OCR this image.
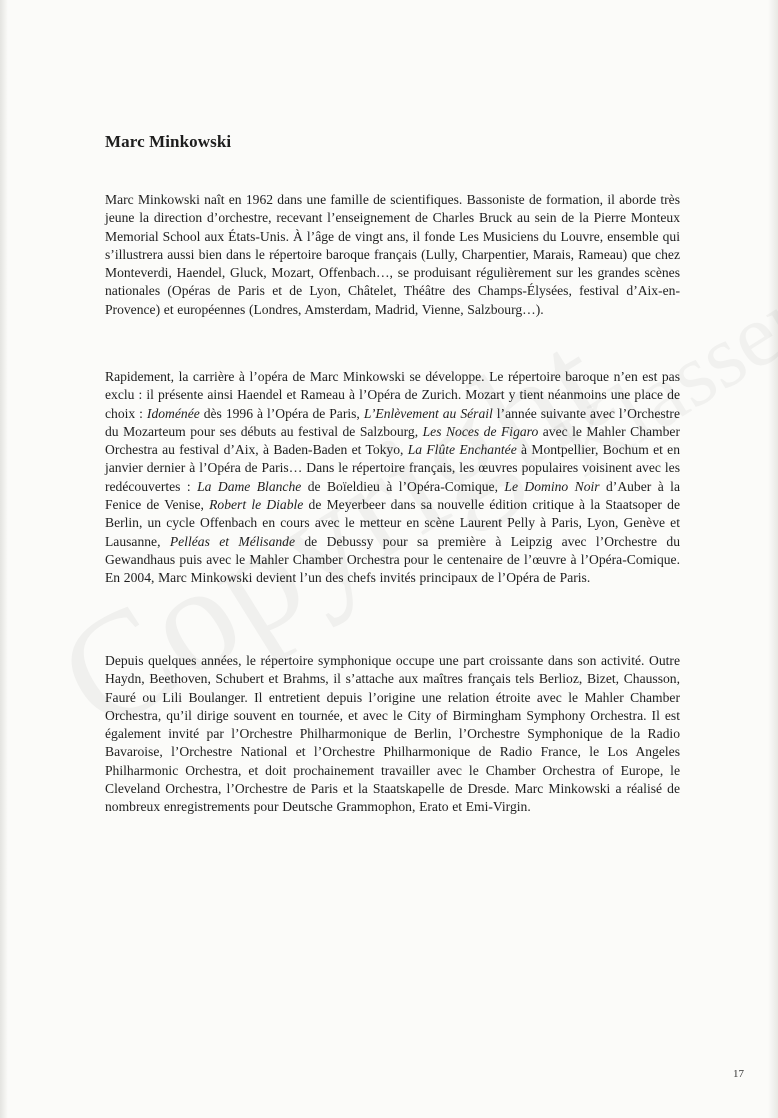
Marc Minkowski

Marc Minkowski naît en 1962 dans une famille de scientifiques. Bassoniste de formation, il aborde très jeune la direction d’orchestre, recevant l’enseignement de Charles Bruck au sein de la Pierre Monteux Memorial School aux États-Unis. À l’âge de vingt ans, il fonde Les Musiciens du Louvre, ensemble qui s’illustrera aussi bien dans le répertoire baroque français (Lully, Charpentier, Marais, Rameau) que chez Monteverdi, Haendel, Gluck, Mozart, Offenbach…, se produisant régulièrement sur les grandes scènes nationales (Opéras de Paris et de Lyon, Châtelet, Théâtre des Champs-Élysées, festival d’Aix-en-Provence) et européennes (Londres, Amsterdam, Madrid, Vienne, Salzbourg…).

Rapidement, la carrière à l’opéra de Marc Minkowski se développe. Le répertoire baroque n’en est pas exclu : il présente ainsi Haendel et Rameau à l’Opéra de Zurich. Mozart y tient néanmoins une place de choix : Idoménée dès 1996 à l’Opéra de Paris, L’Enlèvement au Sérail l’année suivante avec l’Orchestre du Mozarteum pour ses débuts au festival de Salzbourg, Les Noces de Figaro avec le Mahler Chamber Orchestra au festival d’Aix, à Baden-Baden et Tokyo, La Flûte Enchantée à Montpellier, Bochum et en janvier dernier à l’Opéra de Paris… Dans le répertoire français, les œuvres populaires voisinent avec les redécouvertes : La Dame Blanche de Boïeldieu à l’Opéra-Comique, Le Domino Noir d’Auber à la Fenice de Venise, Robert le Diable de Meyerbeer dans sa nouvelle édition critique à la Staatsoper de Berlin, un cycle Offenbach en cours avec le metteur en scène Laurent Pelly à Paris, Lyon, Genève et Lausanne, Pelléas et Mélisande de Debussy pour sa première à Leipzig avec l’Orchestre du Gewandhaus puis avec le Mahler Chamber Orchestra pour le centenaire de l’œuvre à l’Opéra-Comique. En 2004, Marc Minkowski devient l’un des chefs invités principaux de l’Opéra de Paris.

Depuis quelques années, le répertoire symphonique occupe une part croissante dans son activité. Outre Haydn, Beethoven, Schubert et Brahms, il s’attache aux maîtres français tels Berlioz, Bizet, Chausson, Fauré ou Lili Boulanger. Il entretient depuis l’origine une relation étroite avec le Mahler Chamber Orchestra, qu’il dirige souvent en tournée, et avec le City of Birmingham Symphony Orchestra. Il est également invité par l’Orchestre Philharmonique de Berlin, l’Orchestre Symphonique de la Radio Bavaroise, l’Orchestre National et l’Orchestre Philharmonique de Radio France, le Los Angeles Philharmonic Orchestra, et doit prochainement travailler avec le Chamber Orchestra of Europe, le Cleveland Orchestra, l’Orchestre de Paris et la Staatskapelle de Dresde. Marc Minkowski a réalisé de nombreux enregistrements pour Deutsche Grammophon, Erato et Emi-Virgin.

17
